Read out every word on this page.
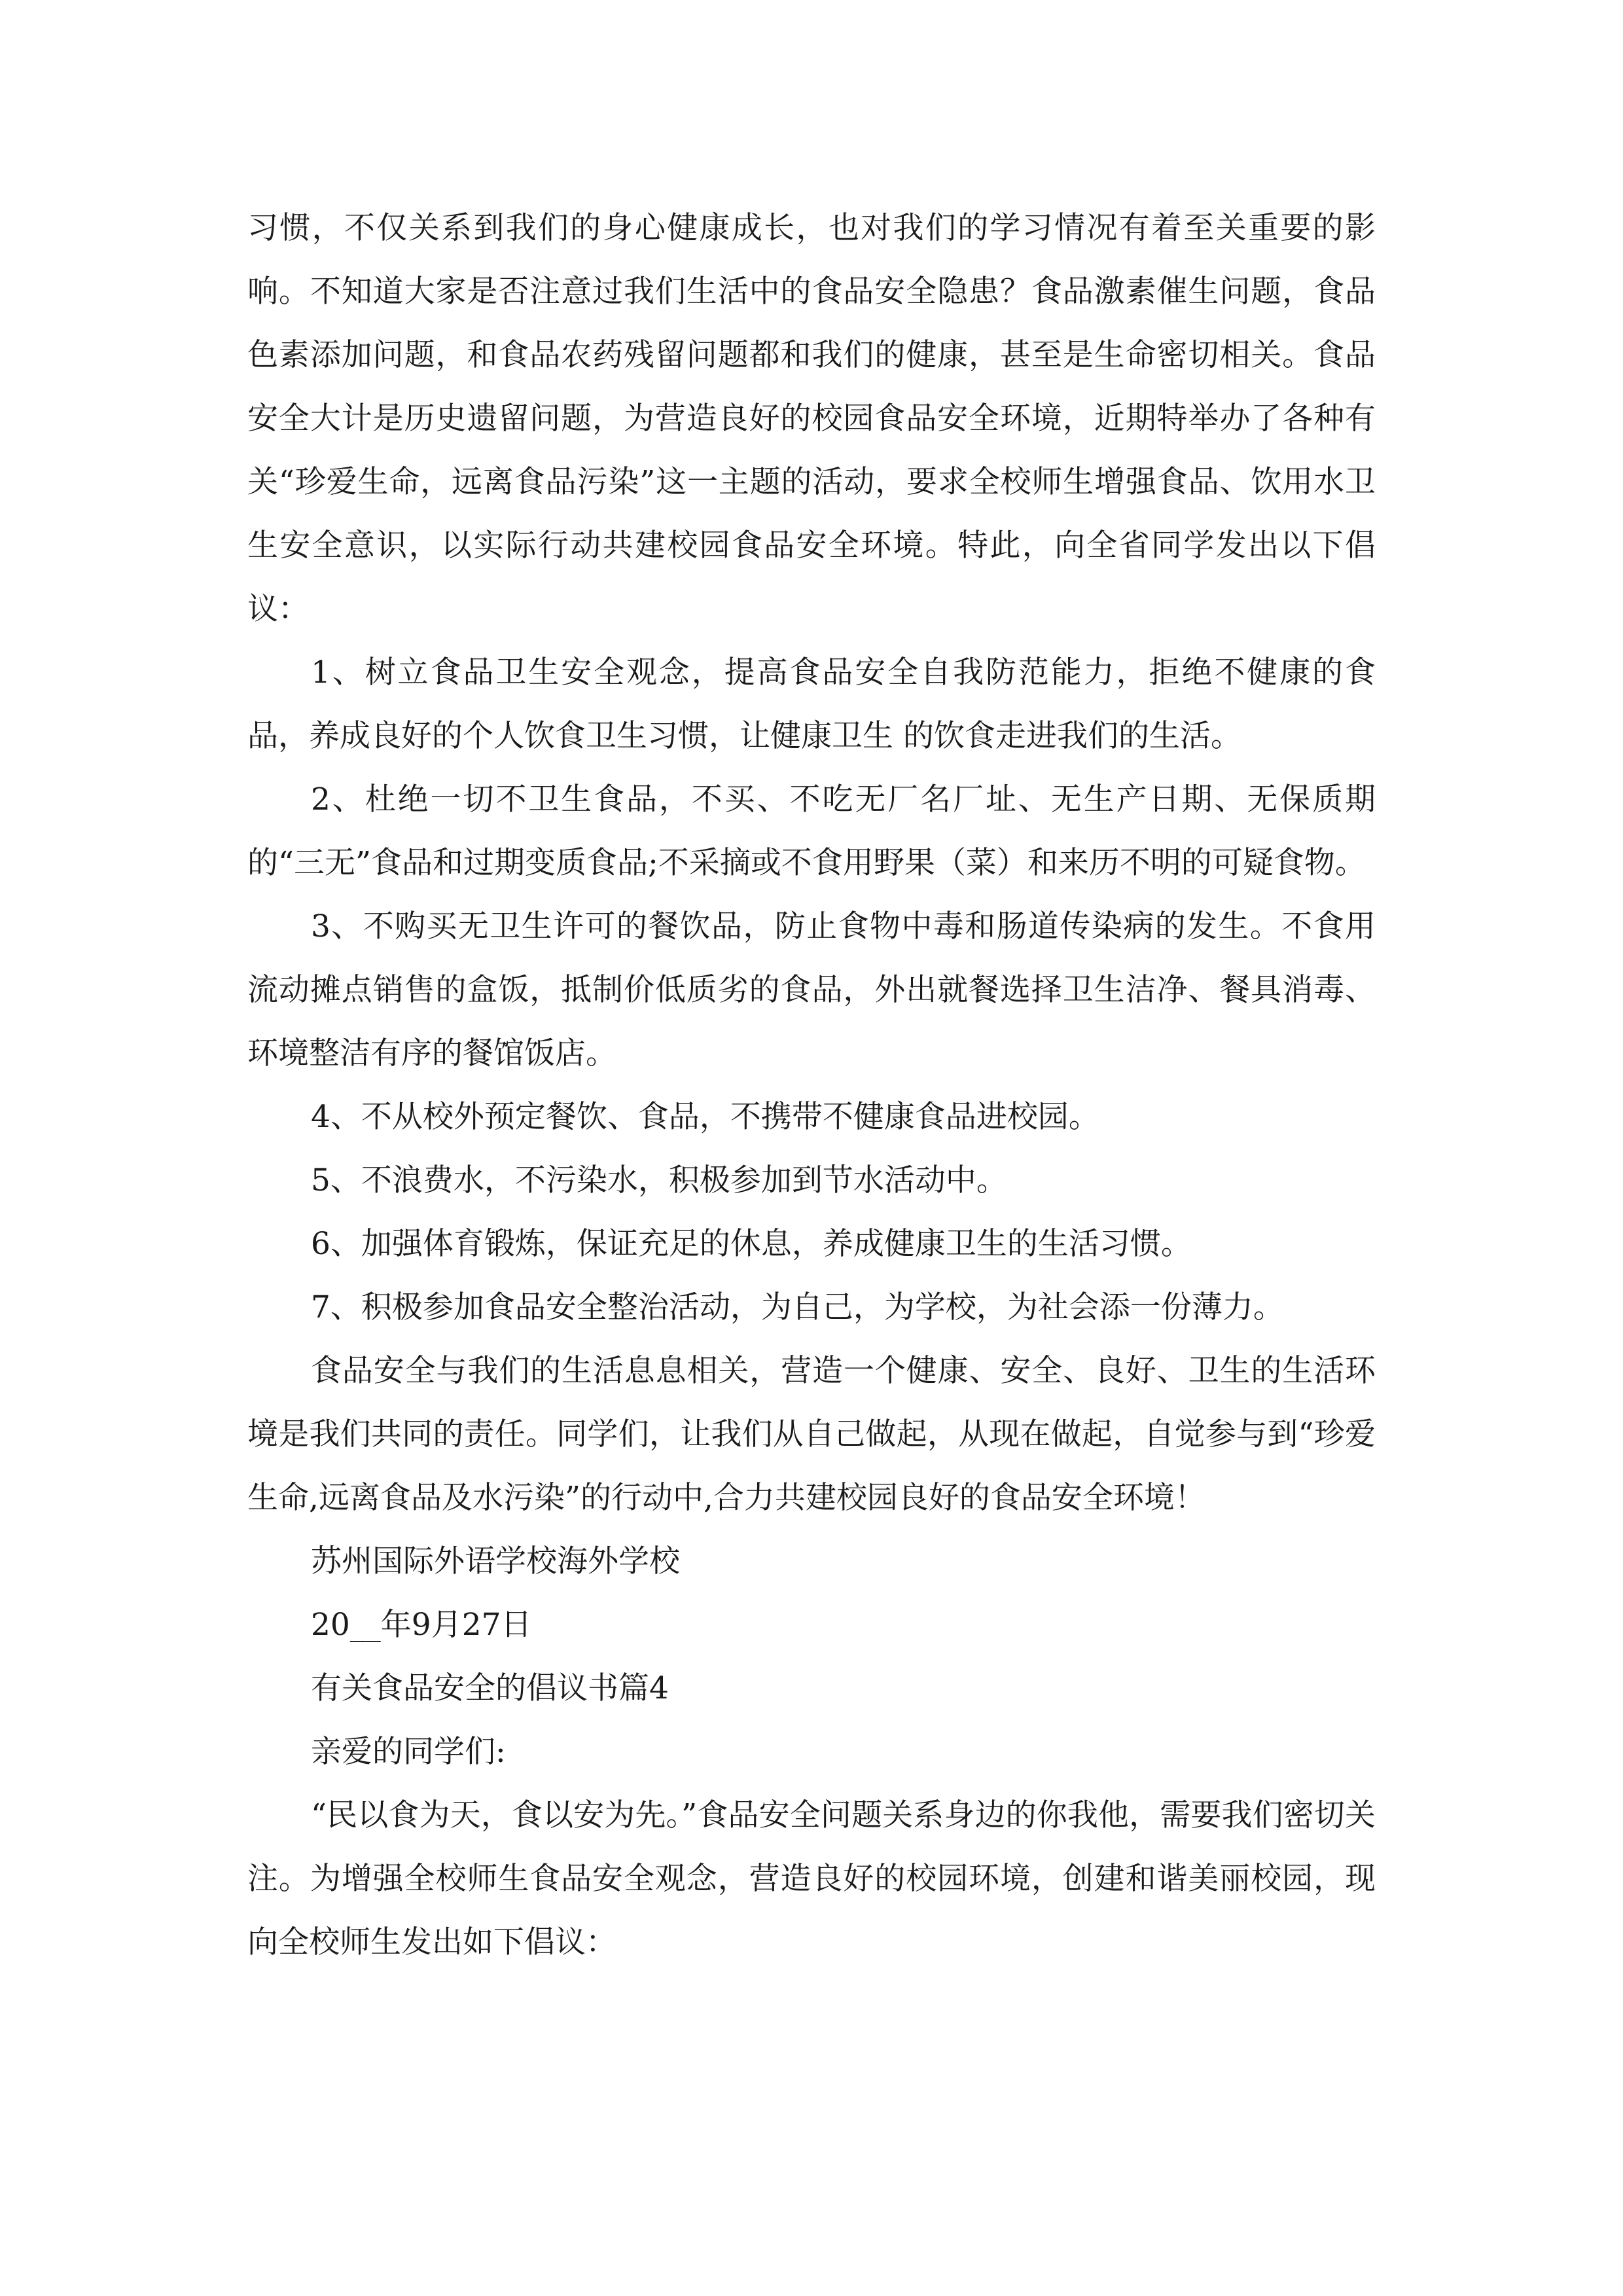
习惯，不仅关系到我们的身心健康成长，也对我们的学习情况有着至关重要的影响。不知道大家是否注意过我们生活中的食品安全隐患？食品激素催生问题，食品色素添加问题，和食品农药残留问题都和我们的健康，甚至是生命密切相关。食品安全大计是历史遗留问题，为营造良好的校园食品安全环境，近期特举办了各种有关“珍爱生命，远离食品污染”这一主题的活动，要求全校师生增强食品、饮用水卫生安全意识，以实际行动共建校园食品安全环境。特此，向全省同学发出以下倡议：

1、树立食品卫生安全观念，提高食品安全自我防范能力，拒绝不健康的食品，养成良好的个人饮食卫生习惯，让健康卫生 的饮食走进我们的生活。

2、杜绝一切不卫生食品，不买、不吃无厂名厂址、无生产日期、无保质期的“三无”食品和过期变质食品;不采摘或不食用野果（菜）和来历不明的可疑食物。

3、不购买无卫生许可的餐饮品，防止食物中毒和肠道传染病的发生。不食用流动摊点销售的盒饭，抵制价低质劣的食品，外出就餐选择卫生洁净、餐具消毒、环境整洁有序的餐馆饭店。

4、不从校外预定餐饮、食品，不携带不健康食品进校园。

5、不浪费水，不污染水，积极参加到节水活动中。

6、加强体育锻炼，保证充足的休息，养成健康卫生的生活习惯。

7、积极参加食品安全整治活动，为自己，为学校，为社会添一份薄力。

食品安全与我们的生活息息相关，营造一个健康、安全、良好、卫生的生活环境是我们共同的责任。同学们，让我们从自己做起，从现在做起，自觉参与到“珍爱生命,远离食品及水污染”的行动中,合力共建校园良好的食品安全环境！

苏州国际外语学校海外学校

20__年9月27日

有关食品安全的倡议书篇4

亲爱的同学们:

“民以食为天，食以安为先。”食品安全问题关系身边的你我他，需要我们密切关注。为增强全校师生食品安全观念，营造良好的校园环境，创建和谐美丽校园，现向全校师生发出如下倡议：
